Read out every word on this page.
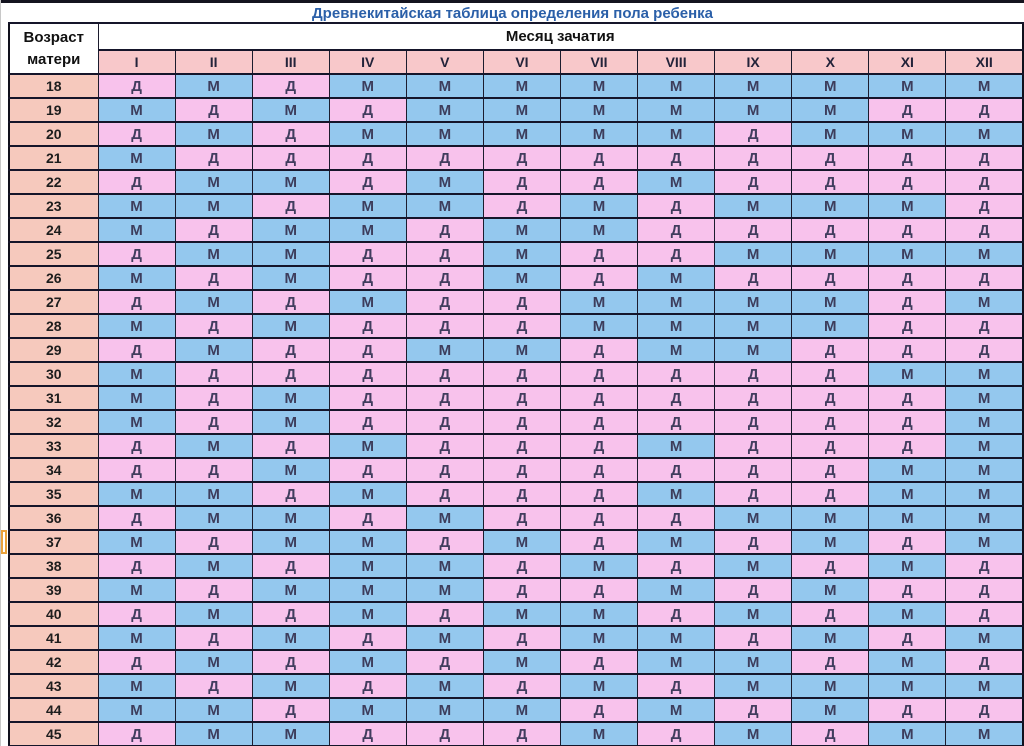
Древнекитайская таблица определения пола ребенка
Возраст матери	Месяц зачатия											
	I	II	III	IV	V	VI	VII	VIII	IX	X	XI	XII
18	Д	М	Д	М	М	М	М	М	М	М	М	М
19	М	Д	М	Д	М	М	М	М	М	М	Д	Д
20	Д	М	Д	М	М	М	М	М	Д	М	М	М
21	М	Д	Д	Д	Д	Д	Д	Д	Д	Д	Д	Д
22	Д	М	М	Д	М	Д	Д	М	Д	Д	Д	Д
23	М	М	Д	М	М	Д	М	Д	М	М	М	Д
24	М	Д	М	М	Д	М	М	Д	Д	Д	Д	Д
25	Д	М	М	Д	Д	М	Д	Д	М	М	М	М
26	М	Д	М	Д	Д	М	Д	М	Д	Д	Д	Д
27	Д	М	Д	М	Д	Д	М	М	М	М	Д	М
28	М	Д	М	Д	Д	Д	М	М	М	М	Д	Д
29	Д	М	Д	Д	М	М	Д	М	М	Д	Д	Д
30	М	Д	Д	Д	Д	Д	Д	Д	Д	Д	М	М
31	М	Д	М	Д	Д	Д	Д	Д	Д	Д	Д	М
32	М	Д	М	Д	Д	Д	Д	Д	Д	Д	Д	М
33	Д	М	Д	М	Д	Д	Д	М	Д	Д	Д	М
34	Д	Д	М	Д	Д	Д	Д	Д	Д	Д	М	М
35	М	М	Д	М	Д	Д	Д	М	Д	Д	М	М
36	Д	М	М	Д	М	Д	Д	Д	М	М	М	М
37	М	Д	М	М	Д	М	Д	М	Д	М	Д	М
38	Д	М	Д	М	М	Д	М	Д	М	Д	М	Д
39	М	Д	М	М	М	Д	Д	М	Д	М	Д	Д
40	Д	М	Д	М	Д	М	М	Д	М	Д	М	Д
41	М	Д	М	Д	М	Д	М	М	Д	М	Д	М
42	Д	М	Д	М	Д	М	Д	М	М	Д	М	Д
43	М	Д	М	Д	М	Д	М	Д	М	М	М	М
44	М	М	Д	М	М	М	Д	М	Д	М	Д	Д
45	Д	М	М	Д	Д	Д	М	Д	М	Д	М	М
